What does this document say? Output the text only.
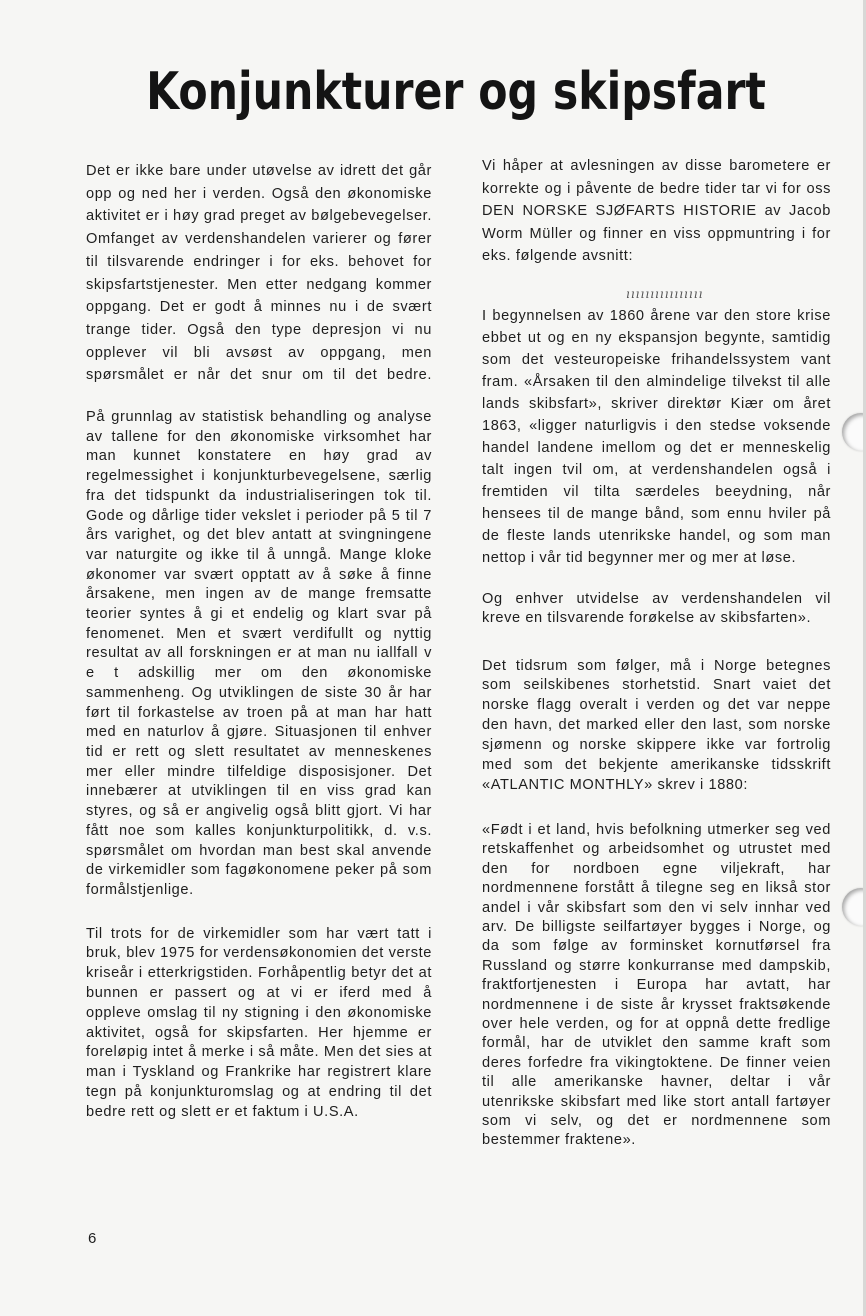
Konjunkturer og skipsfart

Det er ikke bare under utøvelse av idrett det går opp og ned her i verden. Også den økonomiske aktivitet er i høy grad preget av bølgebevegelser. Omfanget av verdenshandelen varierer og fører til tilsvarende endringer i for eks. behovet for skipsfartstjenester. Men etter nedgang kommer oppgang. Det er godt å minnes nu i de svært trange tider. Også den type depresjon vi nu opplever vil bli avsøst av oppgang, men spørsmålet er når det snur om til det bedre.

På grunnlag av statistisk behandling og analyse av tallene for den økonomiske virksomhet har man kunnet konstatere en høy grad av regelmessighet i konjunkturbevegelsene, særlig fra det tidspunkt da industrialiseringen tok til. Gode og dårlige tider vekslet i perioder på 5 til 7 års varighet, og det blev antatt at svingningene var naturgite og ikke til å unngå. Mange kloke økonomer var svært opptatt av å søke å finne årsakene, men ingen av de mange fremsatte teorier syntes å gi et endelig og klart svar på fenomenet. Men et svært verdifullt og nyttig resultat av all forskningen er at man nu iallfall v e t adskillig mer om den økonomiske sammenheng. Og utviklingen de siste 30 år har ført til forkastelse av troen på at man har hatt med en naturlov å gjøre. Situasjonen til enhver tid er rett og slett resultatet av menneskenes mer eller mindre tilfeldige disposisjoner. Det innebærer at utviklingen til en viss grad kan styres, og så er angivelig også blitt gjort. Vi har fått noe som kalles konjunkturpolitikk, d. v.s. spørsmålet om hvordan man best skal anvende de virkemidler som fagøkonomene peker på som formålstjenlige.

Til trots for de virkemidler som har vært tatt i bruk, blev 1975 for verdensøkonomien det verste kriseår i etterkrigstiden. Forhåpentlig betyr det at bunnen er passert og at vi er iferd med å oppleve omslag til ny stigning i den økonomiske aktivitet, også for skipsfarten. Her hjemme er foreløpig intet å merke i så måte. Men det sies at man i Tyskland og Frankrike har registrert klare tegn på konjunkturomslag og at endring til det bedre rett og slett er et faktum i U.S.A.

ıııııııııııııııı

Vi håper at avlesningen av disse barometere er korrekte og i påvente de bedre tider tar vi for oss DEN NORSKE SJØFARTS HISTORIE av Jacob Worm Müller og finner en viss oppmuntring i for eks. følgende avsnitt:

I begynnelsen av 1860 årene var den store krise ebbet ut og en ny ekspansjon begynte, samtidig som det vesteuropeiske frihandelssystem vant fram. «Årsaken til den almindelige tilvekst til alle lands skibsfart», skriver direktør Kiær om året 1863, «ligger naturligvis i den stedse voksende handel landene imellom og det er menneskelig talt ingen tvil om, at verdenshandelen også i fremtiden vil tilta særdeles beeydning, når hensees til de mange bånd, som ennu hviler på de fleste lands utenrikske handel, og som man nettop i vår tid begynner mer og mer at løse.

Og enhver utvidelse av verdenshandelen vil kreve en tilsvarende forøkelse av skibsfarten».

Det tidsrum som følger, må i Norge betegnes som seilskibenes storhetstid. Snart vaiet det norske flagg overalt i verden og det var neppe den havn, det marked eller den last, som norske sjømenn og norske skippere ikke var fortrolig med som det bekjente amerikanske tidsskrift «ATLANTIC MONTHLY» skrev i 1880:

«Født i et land, hvis befolkning utmerker seg ved retskaffenhet og arbeidsomhet og utrustet med den for nordboen egne viljekraft, har nordmennene forstått å tilegne seg en likså stor andel i vår skibsfart som den vi selv innhar ved arv. De billigste seilfartøyer bygges i Norge, og da som følge av forminsket kornutførsel fra Russland og større konkurranse med dampskib, fraktfortjenesten i Europa har avtatt, har nordmennene i de siste år krysset fraktsøkende over hele verden, og for at oppnå dette fredlige formål, har de utviklet den samme kraft som deres forfedre fra vikingtoktene. De finner veien til alle amerikanske havner, deltar i vår utenrikske skibsfart med like stort antall fartøyer som vi selv, og det er nordmennene som bestemmer fraktene».

6
